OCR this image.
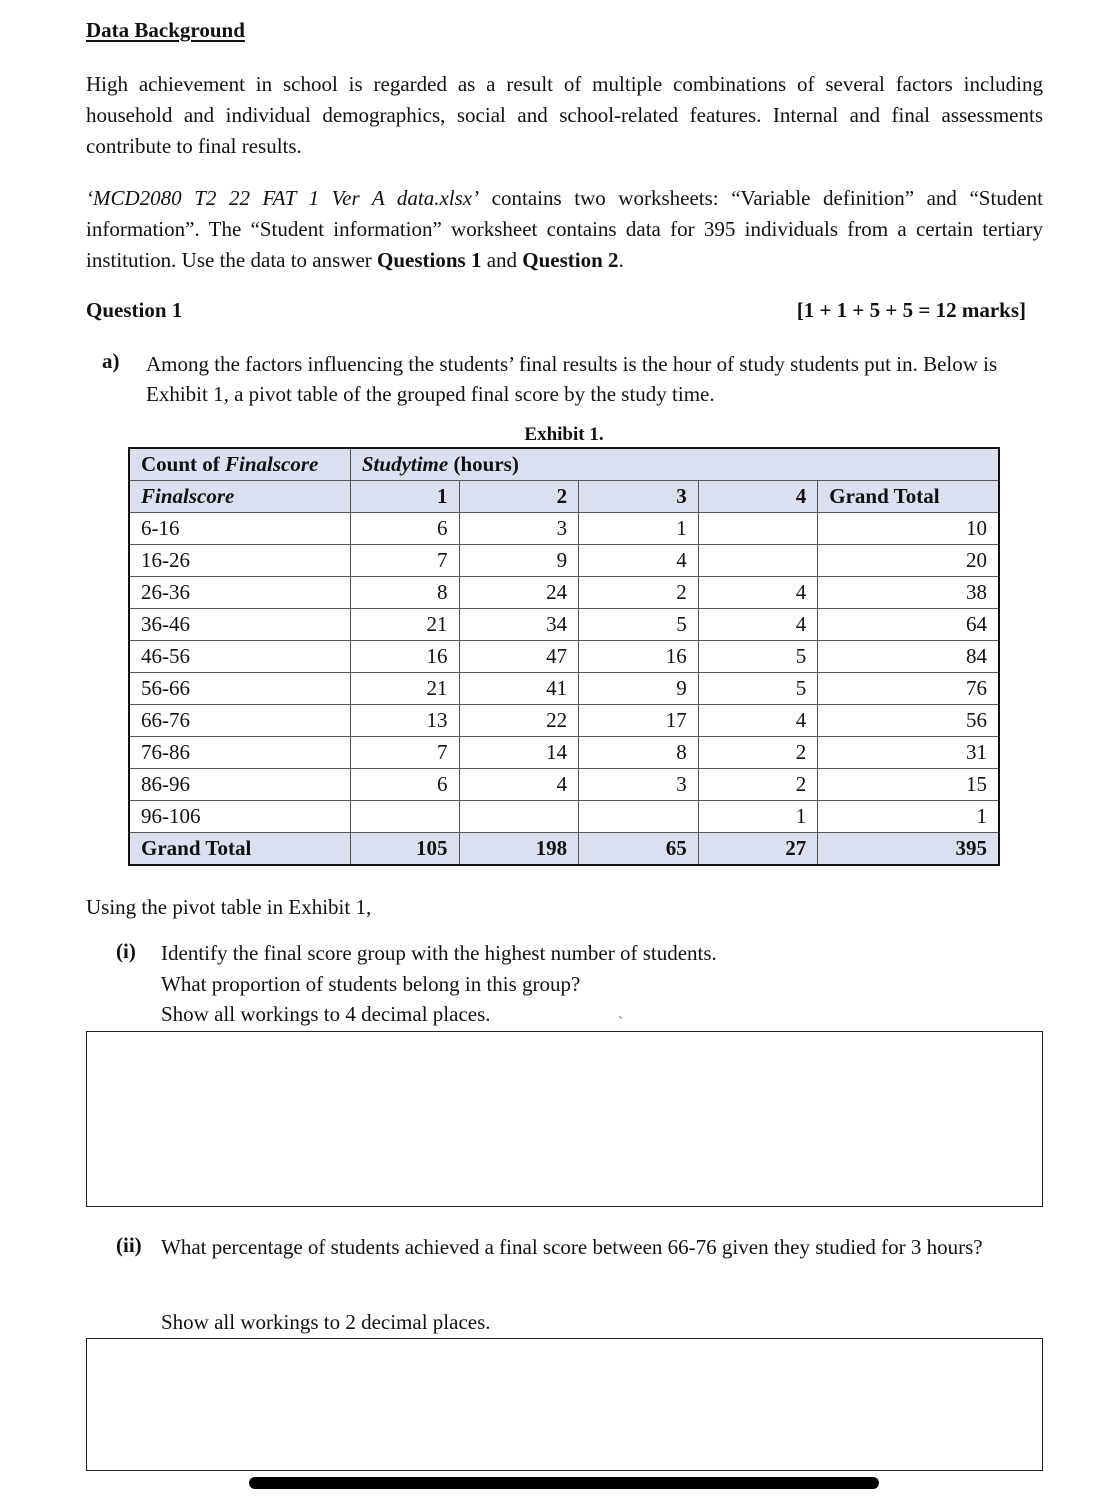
Data Background
High achievement in school is regarded as a result of multiple combinations of several factors including household and individual demographics, social and school-related features. Internal and final assessments contribute to final results.
‘MCD2080 T2 22 FAT 1 Ver A data.xlsx’ contains two worksheets: “Variable definition” and “Student information”. The “Student information” worksheet contains data for 395 individuals from a certain tertiary institution. Use the data to answer Questions 1 and Question 2.
Question 1	[1 + 1 + 5 + 5 = 12 marks]
a) Among the factors influencing the students’ final results is the hour of study students put in. Below is Exhibit 1, a pivot table of the grouped final score by the study time.
Exhibit 1.
Count of Finalscore	Studytime (hours)				
Finalscore	1	2	3	4	Grand Total
6-16	6	3	1		10
16-26	7	9	4		20
26-36	8	24	2	4	38
36-46	21	34	5	4	64
46-56	16	47	16	5	84
56-66	21	41	9	5	76
66-76	13	22	17	4	56
76-86	7	14	8	2	31
86-96	6	4	3	2	15
96-106				1	1
Grand Total	105	198	65	27	395
Using the pivot table in Exhibit 1,
(i) Identify the final score group with the highest number of students.
What proportion of students belong in this group?
Show all workings to 4 decimal places.	`
(ii) What percentage of students achieved a final score between 66-76 given they studied for 3 hours?
Show all workings to 2 decimal places.
